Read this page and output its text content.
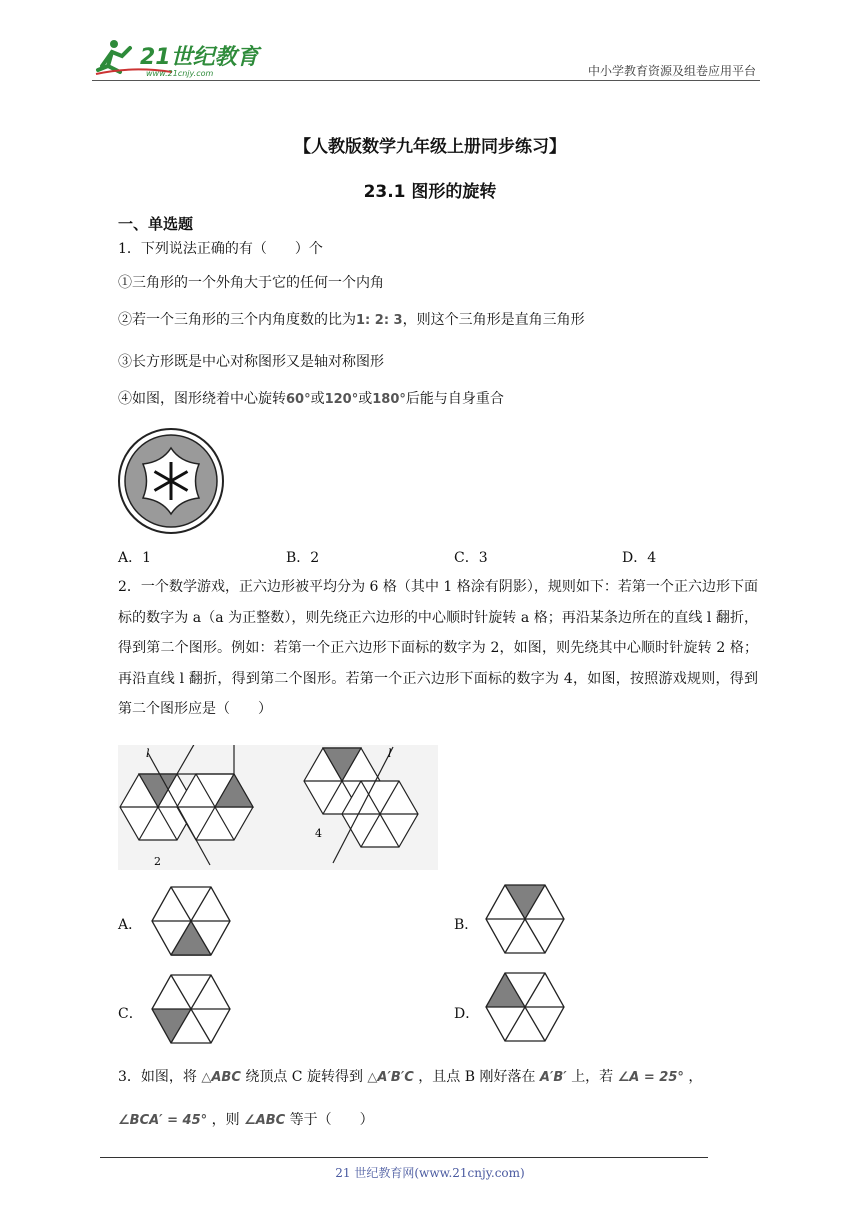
21世纪教育
www.21cnjy.com	中小学教育资源及组卷应用平台
【人教版数学九年级上册同步练习】
23.1 图形的旋转
一、单选题
1．下列说法正确的有（　　）个
①三角形的一个外角大于它的任何一个内角
②若一个三角形的三个内角度数的比为1: 2: 3，则这个三角形是直角三角形
③长方形既是中心对称图形又是轴对称图形
④如图，图形绕着中心旋转60°或120°或180°后能与自身重合
A．1	B．2	C．3	D．4
2．一个数学游戏，正六边形被平均分为 6 格（其中 1 格涂有阴影），规则如下：若第一个正六边形下面标的数字为 a（a 为正整数），则先绕正六边形的中心顺时针旋转 a 格；再沿某条边所在的直线 l 翻折，得到第二个图形。例如：若第一个正六边形下面标的数字为 2，如图，则先绕其中心顺时针旋转 2 格；再沿直线 l 翻折，得到第二个图形。若第一个正六边形下面标的数字为 4，如图，按照游戏规则，得到第二个图形应是（　　）
l
2
l
4
A．	B．
C．	D．
3．如图，将 △ABC 绕顶点 C 旋转得到 △A′B′C ，且点 B 刚好落在 A′B′ 上，若 ∠A = 25° ，
∠BCA′ = 45° ，则 ∠ABC 等于（　　）
21 世纪教育网(www.21cnjy.com)
